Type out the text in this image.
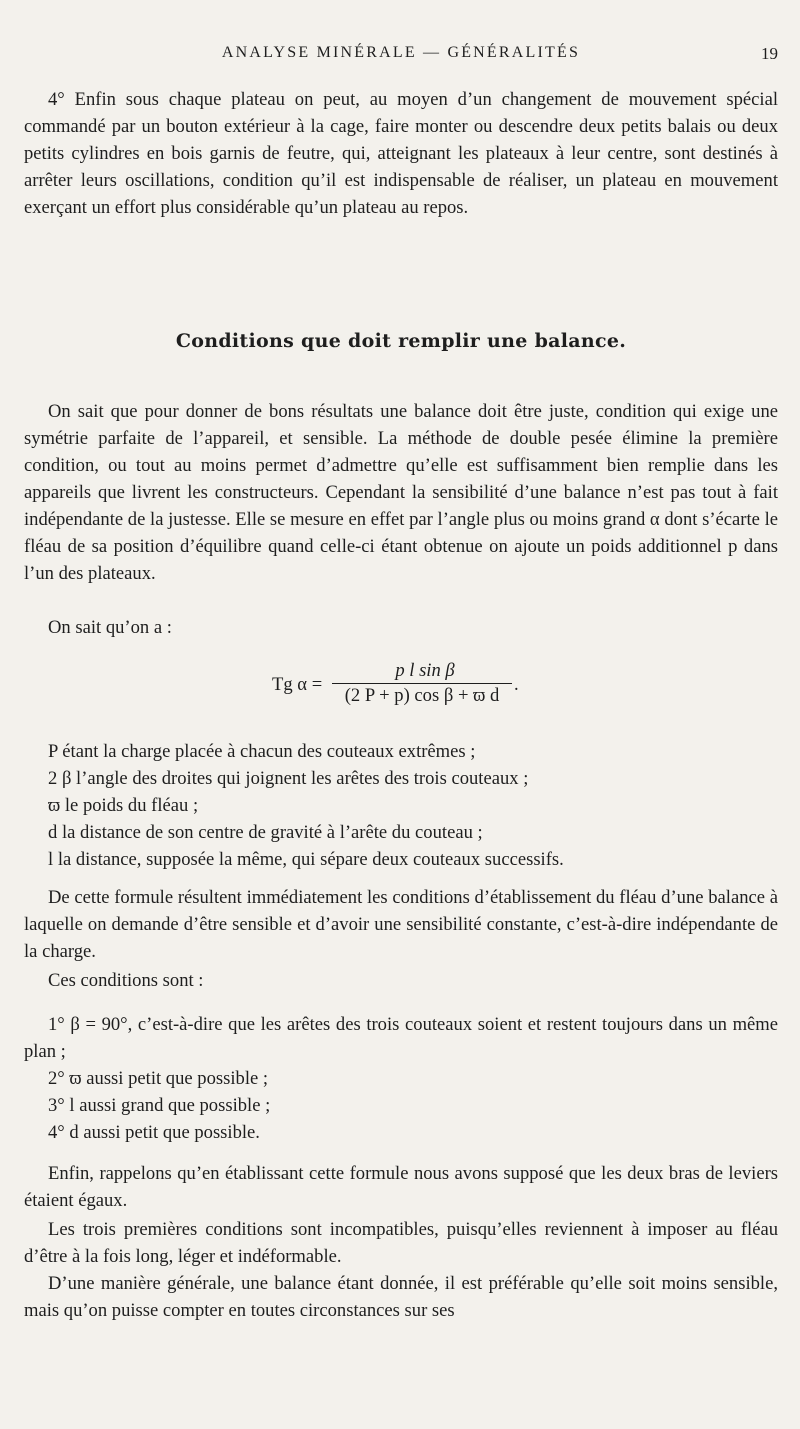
ANALYSE MINÉRALE — GÉNÉRALITÉS	19

4° Enfin sous chaque plateau on peut, au moyen d’un changement de mouvement spécial commandé par un bouton extérieur à la cage, faire monter ou descendre deux petits balais ou deux petits cylindres en bois garnis de feutre, qui, atteignant les plateaux à leur centre, sont destinés à arrêter leurs oscillations, condition qu’il est indispensable de réaliser, un plateau en mouvement exerçant un effort plus considérable qu’un plateau au repos.

Conditions que doit remplir une balance.

On sait que pour donner de bons résultats une balance doit être juste, condition qui exige une symétrie parfaite de l’appareil, et sensible. La méthode de double pesée élimine la première condition, ou tout au moins permet d’admettre qu’elle est suffisamment bien remplie dans les appareils que livrent les constructeurs. Cependant la sensibilité d’une balance n’est pas tout à fait indépendante de la justesse. Elle se mesure en effet par l’angle plus ou moins grand α dont s’écarte le fléau de sa position d’équilibre quand celle-ci étant obtenue on ajoute un poids additionnel p dans l’un des plateaux.

On sait qu’on a :

Tg α =
p l sin β
(2 P + p) cos β + ϖ d
.

P étant la charge placée à chacun des couteaux extrêmes ;

2 β l’angle des droites qui joignent les arêtes des trois couteaux ;

ϖ le poids du fléau ;

d la distance de son centre de gravité à l’arête du couteau ;

l la distance, supposée la même, qui sépare deux couteaux successifs.

De cette formule résultent immédiatement les conditions d’établissement du fléau d’une balance à laquelle on demande d’être sensible et d’avoir une sensibilité constante, c’est-à-dire indépendante de la charge.

Ces conditions sont :

1° β = 90°, c’est-à-dire que les arêtes des trois couteaux soient et restent toujours dans un même plan ;

2° ϖ aussi petit que possible ;

3° l aussi grand que possible ;

4° d aussi petit que possible.

Enfin, rappelons qu’en établissant cette formule nous avons supposé que les deux bras de leviers étaient égaux.

Les trois premières conditions sont incompatibles, puisqu’elles reviennent à imposer au fléau d’être à la fois long, léger et indéformable.

D’une manière générale, une balance étant donnée, il est préférable qu’elle soit moins sensible, mais qu’on puisse compter en toutes circonstances sur ses
